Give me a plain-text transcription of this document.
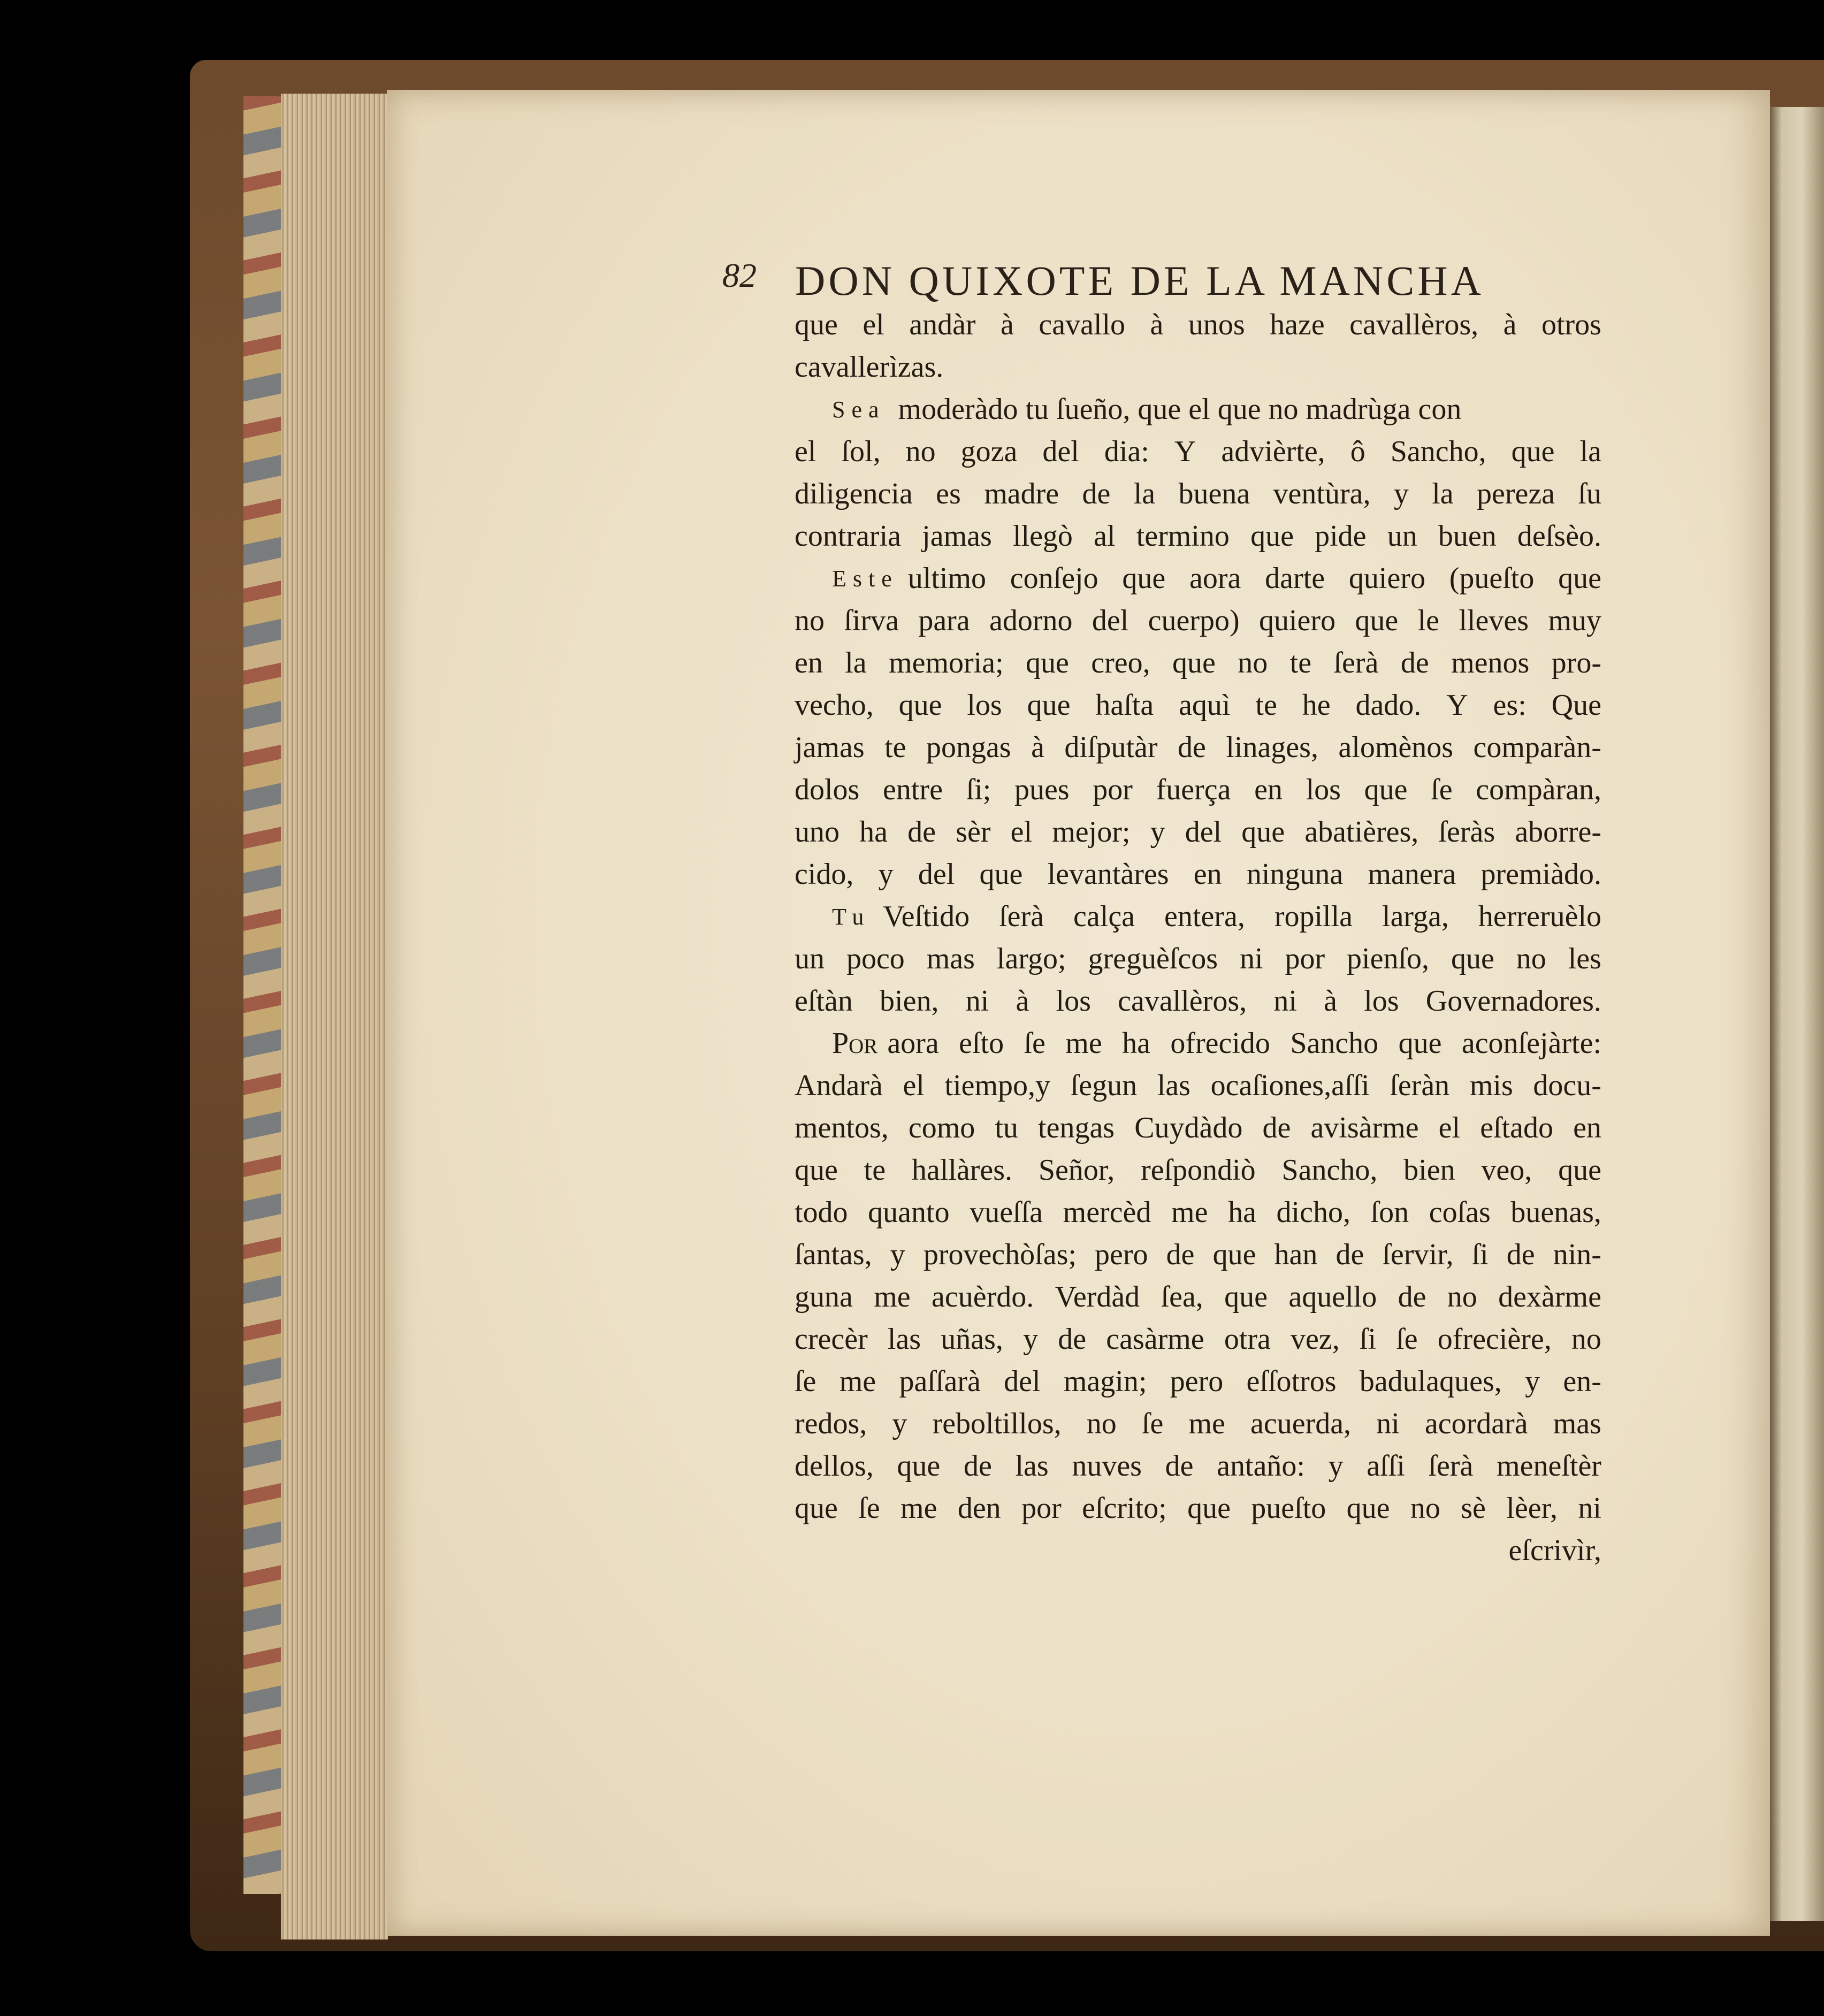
82 DON QUIXOTE DE LA MANCHA
que el andàr à cavallo à unos haze cavallèros, à otros
cavallerìzas.
Sea moderàdo tu ſueño, que el que no madrùga con
el ſol, no goza del dia: Y advièrte, ô Sancho, que la
diligencia es madre de la buena ventùra, y la pereza ſu
contraria jamas llegò al termino que pide un buen deſsèo.
Este ultimo conſejo que aora darte quiero (pueſto que
no ſirva para adorno del cuerpo) quiero que le lleves muy
en la memoria; que creo, que no te ſerà de menos pro-
vecho, que los que haſta aquì te he dado. Y es: Que
jamas te pongas à diſputàr de linages, alomènos comparàn-
dolos entre ſi; pues por fuerça en los que ſe compàran,
uno ha de sèr el mejor; y del que abatières, ſeràs aborre-
cido, y del que levantàres en ninguna manera premiàdo.
Tu Veſtido ſerà calça entera, ropilla larga, herreruèlo
un poco mas largo; greguèſcos ni por pienſo, que no les
eſtàn bien, ni à los cavallèros, ni à los Governadores.
Por aora eſto ſe me ha ofrecido Sancho que aconſejàrte:
Andarà el tiempo,y ſegun las ocaſiones,aſſi ſeràn mis docu-
mentos, como tu tengas Cuydàdo de avisàrme el eſtado en
que te hallàres. Señor, reſpondiò Sancho, bien veo, que
todo quanto vueſſa mercèd me ha dicho, ſon coſas buenas,
ſantas, y provechòſas; pero de que han de ſervir, ſi de nin-
guna me acuèrdo. Verdàd ſea, que aquello de no dexàrme
crecèr las uñas, y de casàrme otra vez, ſi ſe ofrecière, no
ſe me paſſarà del magin; pero eſſotros badulaques, y en-
redos, y reboltillos, no ſe me acuerda, ni acordarà mas
dellos, que de las nuves de antaño: y aſſi ſerà meneſtèr
que ſe me den por eſcrito; que pueſto que no sè lèer, ni
eſcrivìr,
